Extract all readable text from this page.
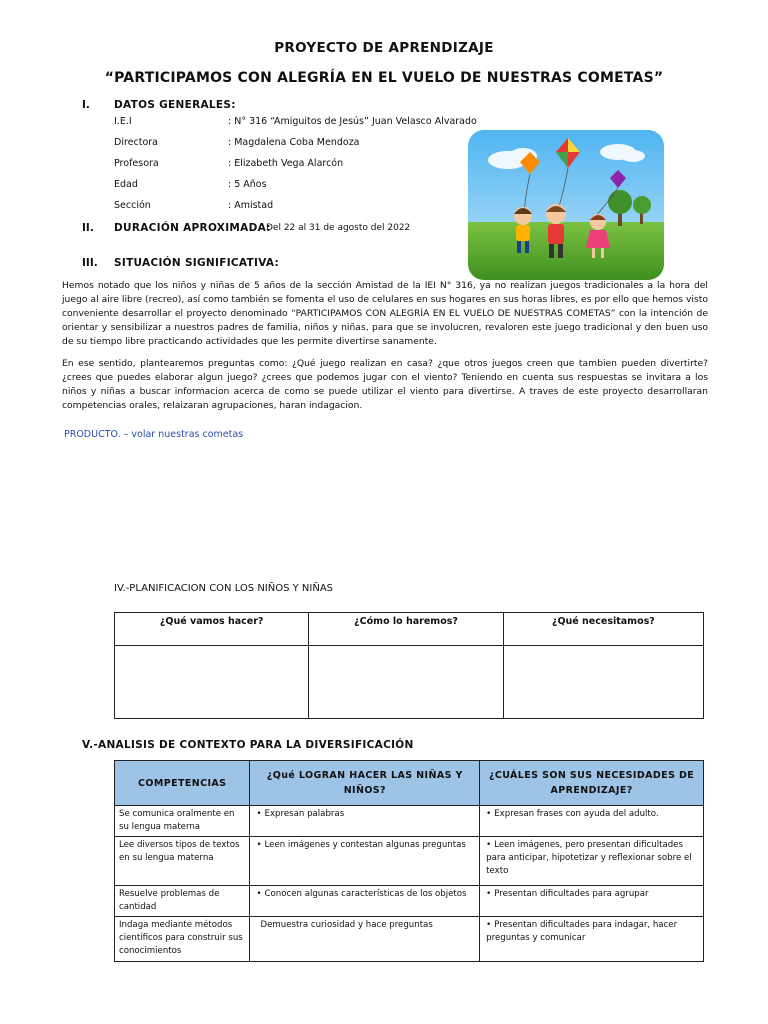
PROYECTO DE APRENDIZAJE
“PARTICIPAMOS CON ALEGRÍA EN EL VUELO DE NUESTRAS COMETAS”
I. DATOS GENERALES:
I.E.I	: N° 316 “Amiguitos de Jesús” Juan Velasco Alvarado
Directora	: Magdalena Coba Mendoza
Profesora	: Elizabeth Vega Alarcón
Edad	: 5 Años
Sección	: Amistad
II. DURACIÓN APROXIMADA:
Del 22 al 31 de agosto del 2022
III. SITUACIÓN SIGNIFICATIVA:
Hemos notado que los niños y niñas de 5 años de la sección Amistad de la IEI N° 316, ya no realizan juegos tradicionales a la hora del juego al aire libre (recreo), así como también se fomenta el uso de celulares en sus hogares en sus horas libres, es por ello que hemos visto conveniente desarrollar el proyecto denominado “PARTICIPAMOS CON ALEGRÍA EN EL VUELO DE NUESTRAS COMETAS” con la intención de orientar y sensibilizar a nuestros padres de familia, niños y niñas, para que se involucren, revaloren este juego tradicional y den buen uso de su tiempo libre practicando actividades que les permite divertirse sanamente.
En ese sentido, plantearemos preguntas como: ¿Qué juego realizan en casa? ¿que otros juegos creen que tambien pueden divertirte? ¿crees que puedes elaborar algun juego? ¿crees que podemos jugar con el viento? Teniendo en cuenta sus respuestas se invitara a los niños y niñas a buscar informacion acerca de como se puede utilizar el viento para divertirse. A traves de este proyecto desarrollaran competencias orales, relaizaran agrupaciones, haran indagacion.
PRODUCTO. – volar nuestras cometas
IV.-PLANIFICACION CON LOS NIÑOS Y NIÑAS
¿Qué vamos hacer?	¿Cómo lo haremos?	¿Qué necesitamos?

V.-ANALISIS DE CONTEXTO PARA LA DIVERSIFICACIÓN
COMPETENCIAS	¿Qué LOGRAN HACER LAS NIÑAS Y NIÑOS?	¿CUÁLES SON SUS NECESIDADES DE APRENDIZAJE?
Se comunica oralmente en su lengua materna	• Expresan palabras	• Expresan frases con ayuda del adulto.
Lee diversos tipos de textos en su lengua materna	• Leen imágenes y contestan algunas preguntas	• Leen imágenes, pero presentan dificultades para anticipar, hipotetizar y reflexionar sobre el texto
Resuelve problemas de cantidad	• Conocen algunas características de los objetos	• Presentan dificultades para agrupar
Indaga mediante métodos científicos para construir sus conocimientos	Demuestra curiosidad y hace preguntas	• Presentan dificultades para indagar, hacer preguntas y comunicar
